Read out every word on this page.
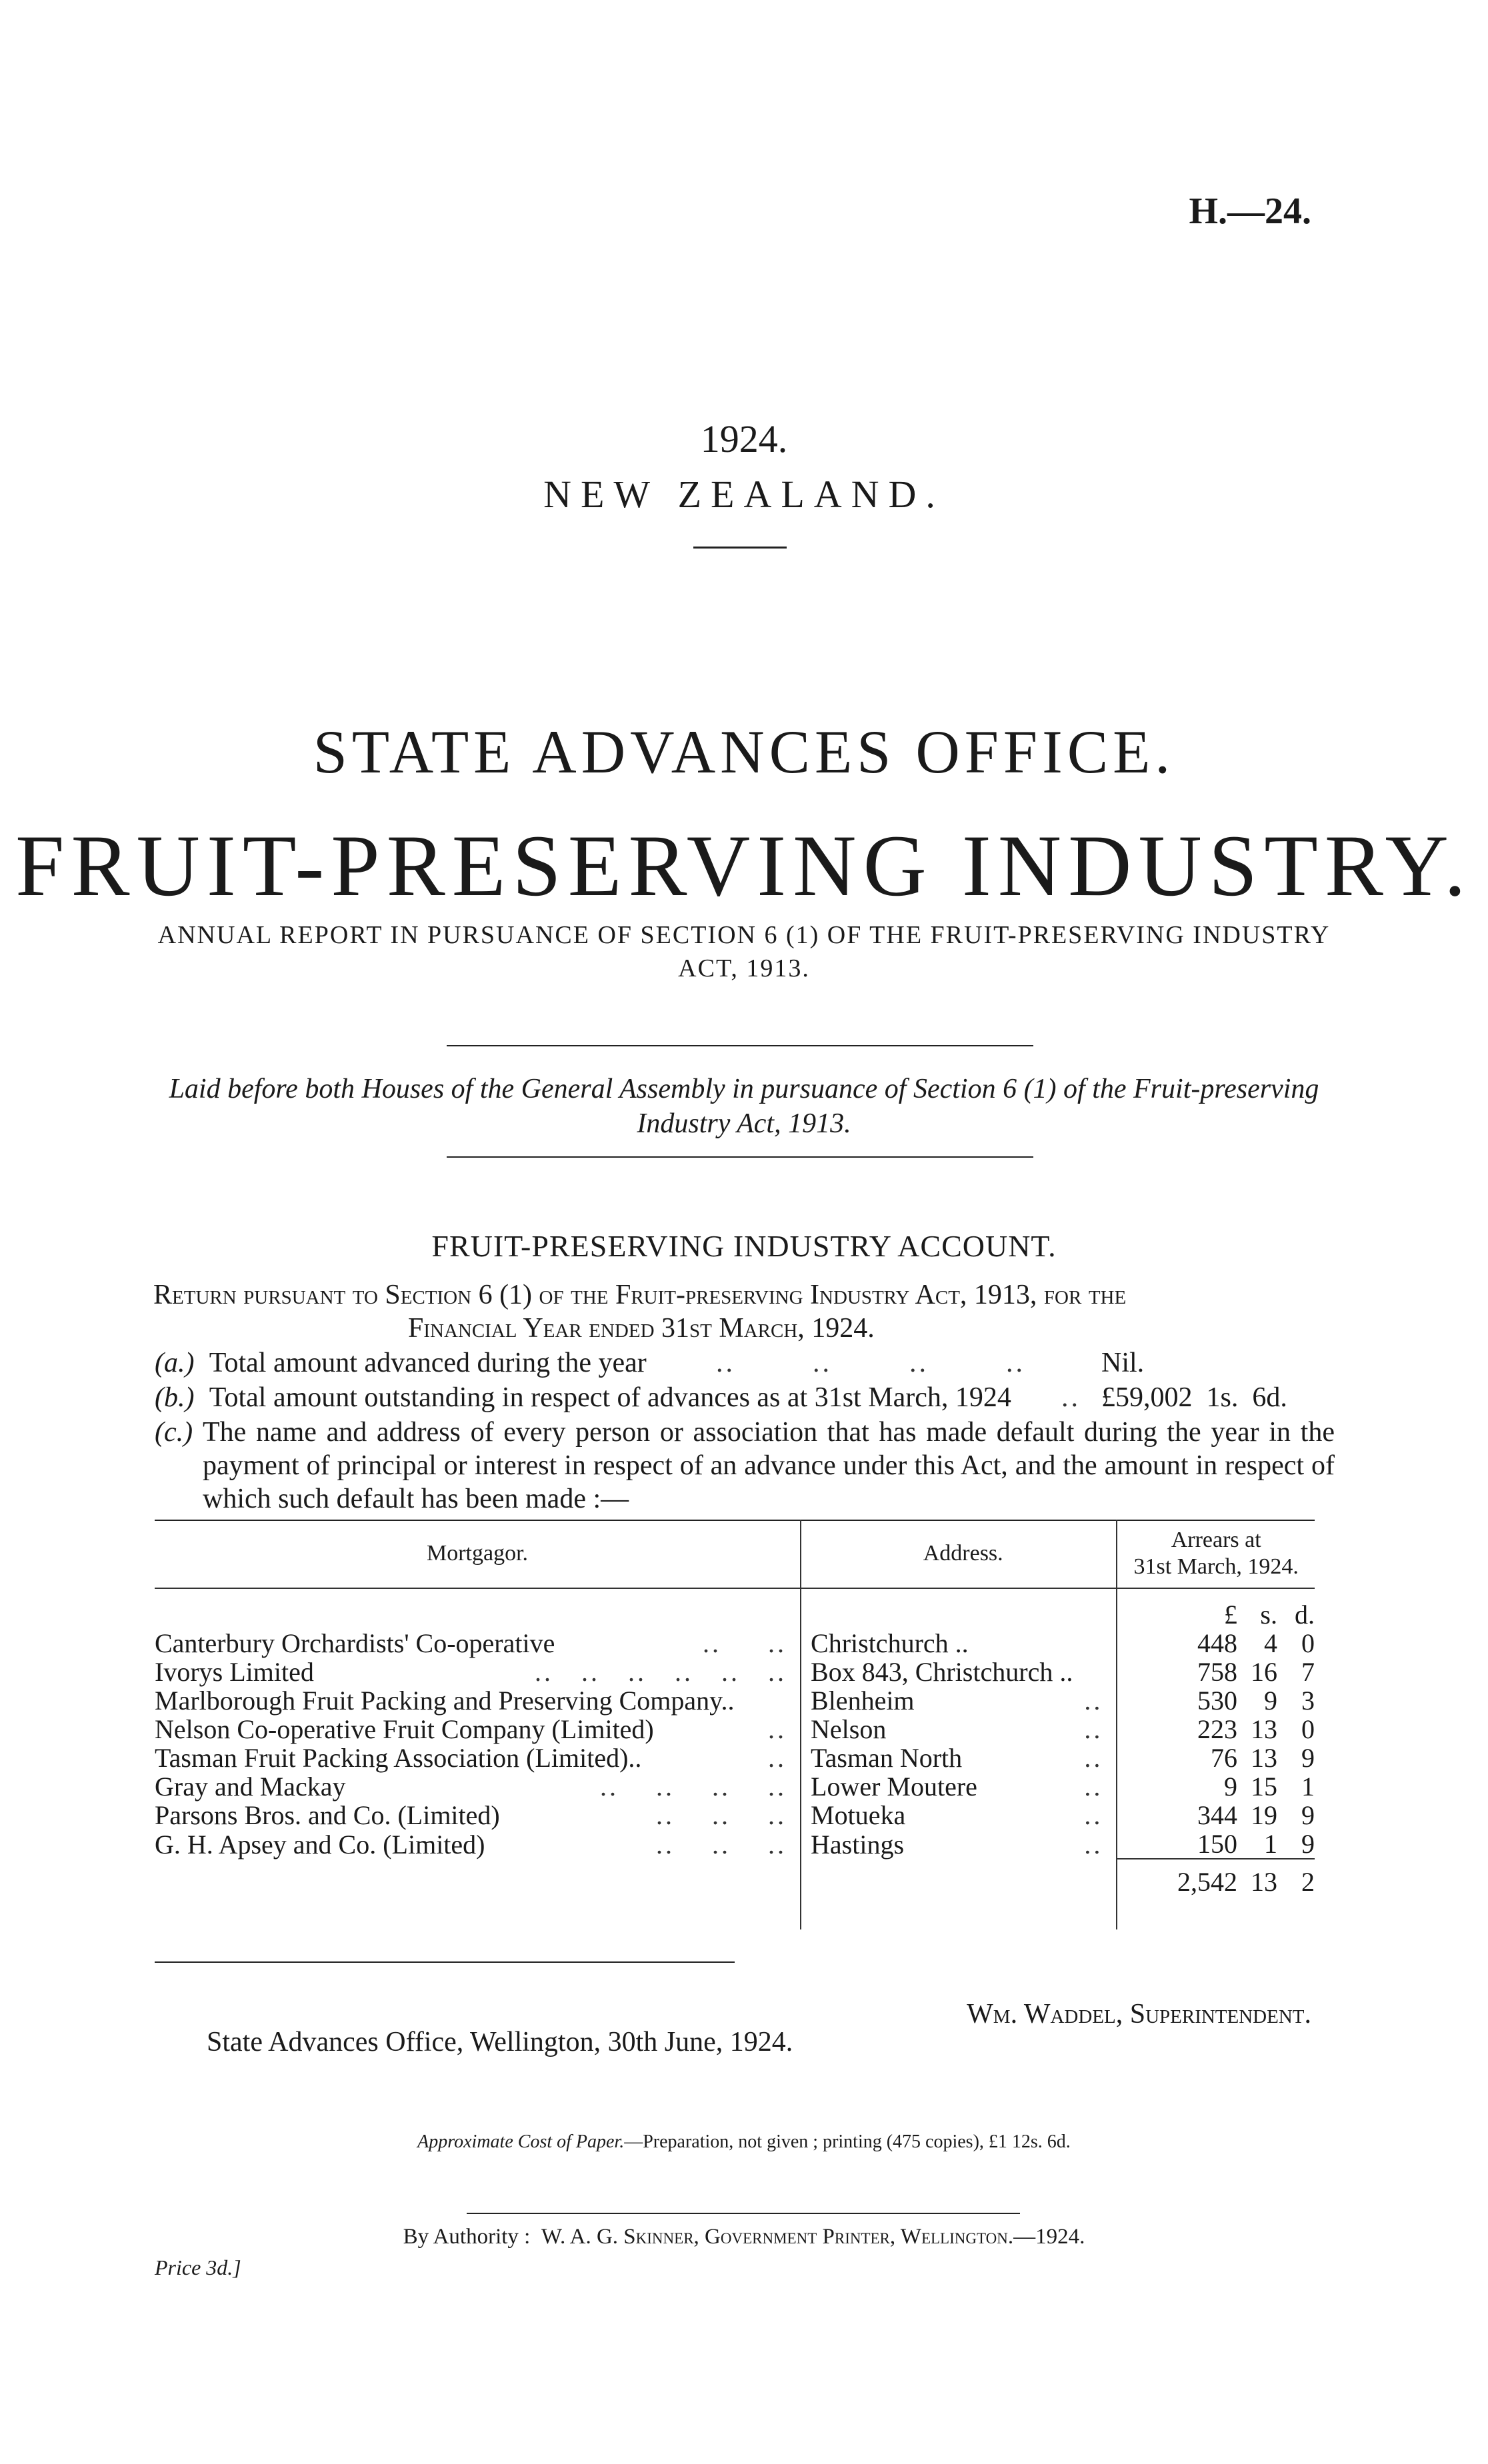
H.—24.
1924.
NEW ZEALAND.
STATE ADVANCES OFFICE.
FRUIT-PRESERVING INDUSTRY.
ANNUAL REPORT IN PURSUANCE OF SECTION 6 (1) OF THE FRUIT-PRESERVING INDUSTRY
ACT, 1913.
Laid before both Houses of the General Assembly in pursuance of Section 6 (1) of the Fruit-preserving
Industry Act, 1913.
FRUIT-PRESERVING INDUSTRY ACCOUNT.
Return pursuant to Section 6 (1) of the Fruit-preserving Industry Act, 1913, for the
Financial Year ended 31st March, 1924.
(a.) Total amount advanced during the year ..        ..        ..        ..	Nil.
(b.) Total amount outstanding in respect of advances as at 31st March, 1924 .. £59,002  1s.  6d.
(c.) The name and address of every person or association that has made default during the year in the payment of principal or interest in respect of an advance under this Act, and the amount in respect of which such default has been made :—
Mortgagor.	Address.	Arrears at
31st March, 1924.

		£ s. d.
Canterbury Orchardists' Co-operative ..     ..	Christchurch ..	448 4 0
Ivorys Limited ..   ..   ..   ..   ..   ..	Box 843, Christchurch ..	758 16 7
Marlborough Fruit Packing and Preserving Company..	Blenheim ..	530 9 3
Nelson Co-operative Fruit Company (Limited) ..	Nelson ..	223 13 0
Tasman Fruit Packing Association (Limited).. ..	Tasman North ..	76 13 9
Gray and Mackay ..    ..    ..    ..	Lower Moutere ..	9 15 1
Parsons Bros. and Co. (Limited) ..    ..    ..	Motueka ..	344 19 9
G. H. Apsey and Co. (Limited) ..    ..    ..	Hastings ..	150 1 9
		2,542 13 2

Wm. Waddel, Superintendent.
State Advances Office, Wellington, 30th June, 1924.
Approximate Cost of Paper.—Preparation, not given ; printing (475 copies), £1 12s. 6d.
By Authority : W. A. G. Skinner, Government Printer, Wellington.—1924.
Price 3d.]
